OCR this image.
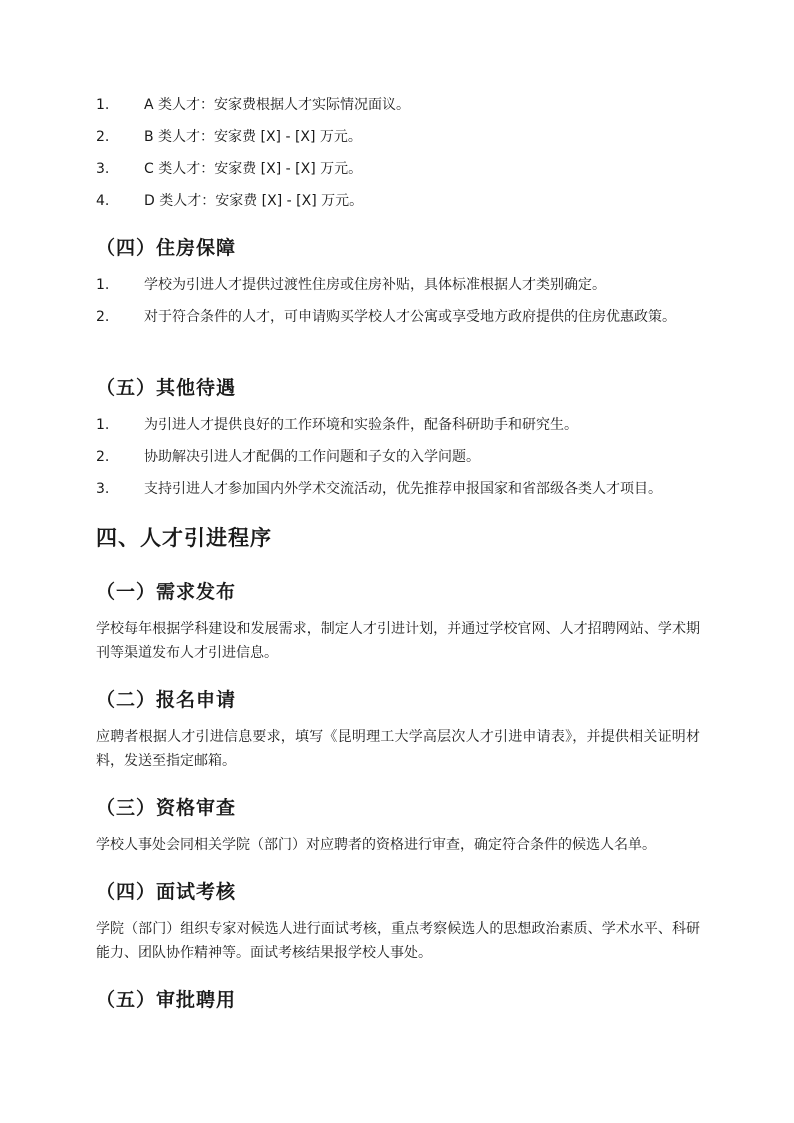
1.	A 类人才：安家费根据人才实际情况面议。
2.	B 类人才：安家费 [X] - [X] 万元。
3.	C 类人才：安家费 [X] - [X] 万元。
4.	D 类人才：安家费 [X] - [X] 万元。
（四）住房保障
1.	学校为引进人才提供过渡性住房或住房补贴，具体标准根据人才类别确定。
2.	对于符合条件的人才，可申请购买学校人才公寓或享受地方政府提供的住房优惠政策。
（五）其他待遇
1.	为引进人才提供良好的工作环境和实验条件，配备科研助手和研究生。
2.	协助解决引进人才配偶的工作问题和子女的入学问题。
3.	支持引进人才参加国内外学术交流活动，优先推荐申报国家和省部级各类人才项目。
四、人才引进程序
（一）需求发布

学校每年根据学科建设和发展需求，制定人才引进计划，并通过学校官网、人才招聘网站、学术期刊等渠道发布人才引进信息。

（二）报名申请

应聘者根据人才引进信息要求，填写《昆明理工大学高层次人才引进申请表》，并提供相关证明材料，发送至指定邮箱。

（三）资格审查

学校人事处会同相关学院（部门）对应聘者的资格进行审查，确定符合条件的候选人名单。

（四）面试考核

学院（部门）组织专家对候选人进行面试考核，重点考察候选人的思想政治素质、学术水平、科研能力、团队协作精神等。面试考核结果报学校人事处。

（五）审批聘用
